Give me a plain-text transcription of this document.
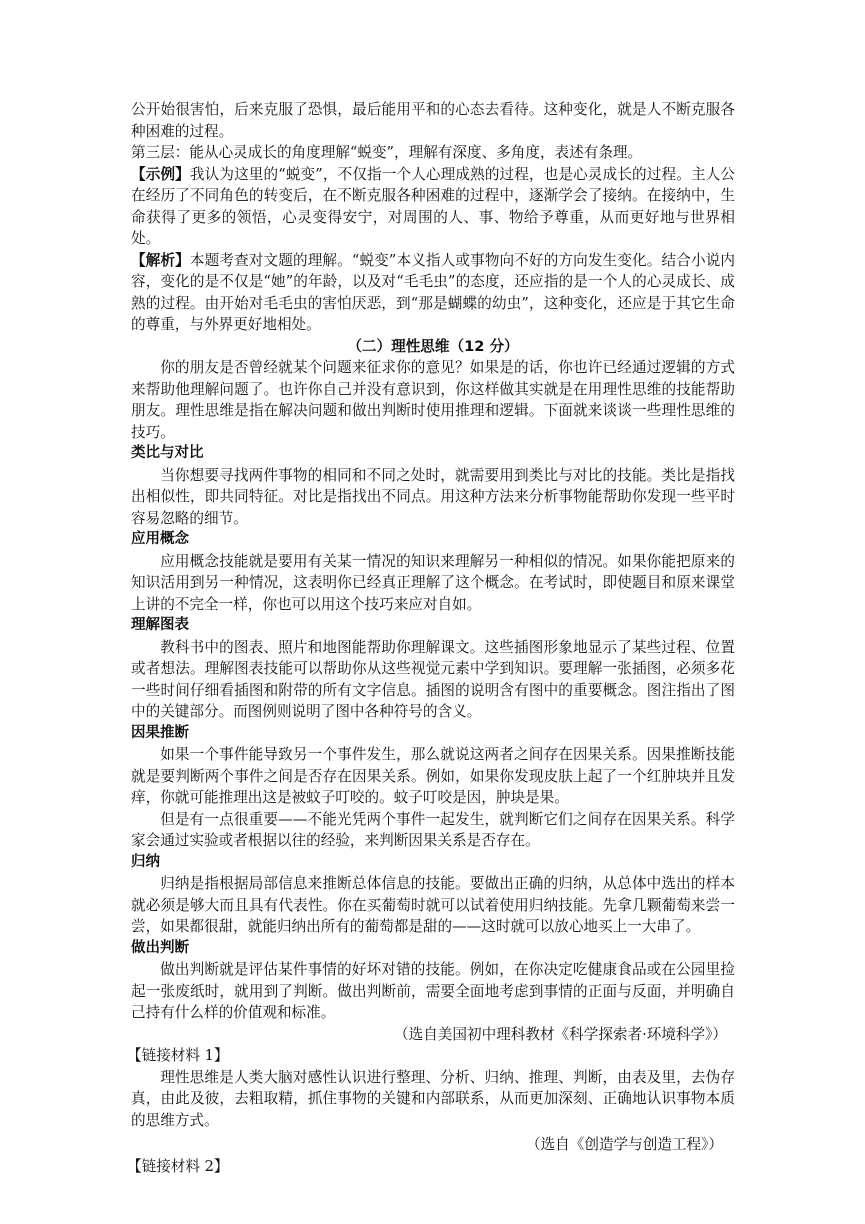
公开始很害怕，后来克服了恐惧，最后能用平和的心态去看待。这种变化，就是人不断克服各种困难的过程。

第三层：能从心灵成长的角度理解“蜕变”，理解有深度、多角度，表述有条理。

【示例】我认为这里的“蜕变”，不仅指一个人心理成熟的过程，也是心灵成长的过程。主人公在经历了不同角色的转变后，在不断克服各种困难的过程中，逐渐学会了接纳。在接纳中，生命获得了更多的领悟，心灵变得安宁，对周围的人、事、物给予尊重，从而更好地与世界相处。

【解析】本题考查对文题的理解。“蜕变”本义指人或事物向不好的方向发生变化。结合小说内容，变化的是不仅是“她”的年龄，以及对“毛毛虫”的态度，还应指的是一个人的心灵成长、成熟的过程。由开始对毛毛虫的害怕厌恶，到“那是蝴蝶的幼虫”，这种变化，还应是于其它生命的尊重，与外界更好地相处。

（二）理性思维（12 分）

你的朋友是否曾经就某个问题来征求你的意见？如果是的话，你也许已经通过逻辑的方式来帮助他理解问题了。也许你自己并没有意识到，你这样做其实就是在用理性思维的技能帮助朋友。理性思维是指在解决问题和做出判断时使用推理和逻辑。下面就来谈谈一些理性思维的技巧。

类比与对比

当你想要寻找两件事物的相同和不同之处时，就需要用到类比与对比的技能。类比是指找出相似性，即共同特征。对比是指找出不同点。用这种方法来分析事物能帮助你发现一些平时容易忽略的细节。

应用概念

应用概念技能就是要用有关某一情况的知识来理解另一种相似的情况。如果你能把原来的知识活用到另一种情况，这表明你已经真正理解了这个概念。在考试时，即使题目和原来课堂上讲的不完全一样，你也可以用这个技巧来应对自如。

理解图表

教科书中的图表、照片和地图能帮助你理解课文。这些插图形象地显示了某些过程、位置或者想法。理解图表技能可以帮助你从这些视觉元素中学到知识。要理解一张插图，必须多花一些时间仔细看插图和附带的所有文字信息。插图的说明含有图中的重要概念。图注指出了图中的关键部分。而图例则说明了图中各种符号的含义。

因果推断

如果一个事件能导致另一个事件发生，那么就说这两者之间存在因果关系。因果推断技能就是要判断两个事件之间是否存在因果关系。例如，如果你发现皮肤上起了一个红肿块并且发痒，你就可能推理出这是被蚊子叮咬的。蚊子叮咬是因，肿块是果。

但是有一点很重要——不能光凭两个事件一起发生，就判断它们之间存在因果关系。科学家会通过实验或者根据以往的经验，来判断因果关系是否存在。

归纳

归纳是指根据局部信息来推断总体信息的技能。要做出正确的归纳，从总体中选出的样本就必须是够大而且具有代表性。你在买葡萄时就可以试着使用归纳技能。先拿几颗葡萄来尝一尝，如果都很甜，就能归纳出所有的葡萄都是甜的——这时就可以放心地买上一大串了。

做出判断

做出判断就是评估某件事情的好坏对错的技能。例如，在你决定吃健康食品或在公园里捡起一张废纸时，就用到了判断。做出判断前，需要全面地考虑到事情的正面与反面，并明确自己持有什么样的价值观和标准。

（选自美国初中理科教材《科学探索者·环境科学》）

【链接材料 1】

理性思维是人类大脑对感性认识进行整理、分析、归纳、推理、判断，由表及里，去伪存真，由此及彼，去粗取精，抓住事物的关键和内部联系，从而更加深刻、正确地认识事物本质的思维方式。

（选自《创造学与创造工程》）

【链接材料 2】
